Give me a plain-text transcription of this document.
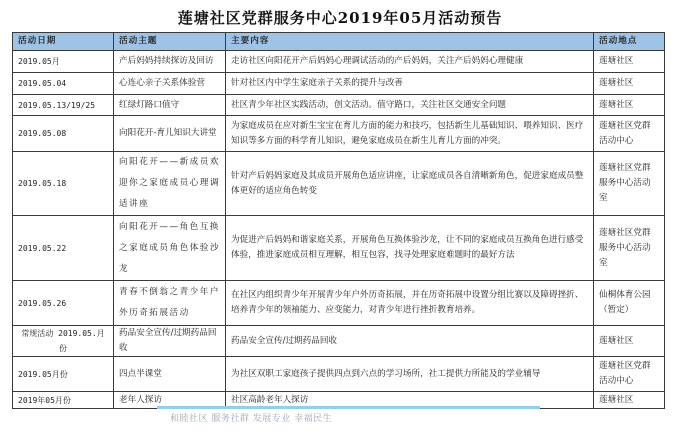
莲塘社区党群服务中心2019年05月活动预告
活动日期	活动主题	主要内容	活动地点
2019.05月	产后妈妈持续探访及回访	走访社区向阳花开产后妈妈心理调试活动的产后妈妈，关注产后妈妈心理健康	莲塘社区
2019.05.04	心连心亲子关系体验营	针对社区内中学生家庭亲子关系的提升与改善	莲塘社区
2019.05.13/19/25	红绿灯路口值守	社区青少年社区实践活动，创文活动。值守路口，关注社区交通安全问题	莲塘社区
2019.05.08	向阳花开-育儿知识大讲堂	为家庭成员在应对新生宝宝在育儿方面的能力和技巧，包括新生儿基础知识、喂养知识、医疗知识等多方面的科学育儿知识，避免家庭成员在新生儿育儿方面的冲突。	莲塘社区党群活动中心
2019.05.18	向阳花开——新成员欢迎你之家庭成员心理调适讲座	针对产后妈妈家庭及其成员开展角色适应讲座，让家庭成员各自清晰新角色，促进家庭成员整体更好的适应角色转变	莲塘社区党群服务中心活动室
2019.05.22	向阳花开——角色互换之家庭成员角色体验沙龙	为促进产后妈妈和谐家庭关系，开展角色互换体验沙龙，让不同的家庭成员互换角色进行感受体验，推进家庭成员相互理解，相互包容，找寻处理家庭难题时的最好方法	莲塘社区党群服务中心活动室
2019.05.26	青春不倒翁之青少年户外历奇拓展活动	在社区内组织青少年开展青少年户外历奇拓展，并在历奇拓展中设置分组比赛以及障碍挫折、培养青少年的领袖能力、应变能力，对青少年进行挫折教育培养。	仙桐体育公园（暂定）
常规活动 2019.05.月份	药品安全宣传/过期药品回收	药品安全宣传/过期药品回收	莲塘社区
2019.05月份	四点半课堂	为社区双职工家庭孩子提供四点到六点的学习场所，社工提供力所能及的学业辅导	莲塘社区党群活动中心
2019年05月份	老年人探访	社区高龄老年人探访	莲塘社区
和睦社区 服务社群 发展专业 幸福民生
